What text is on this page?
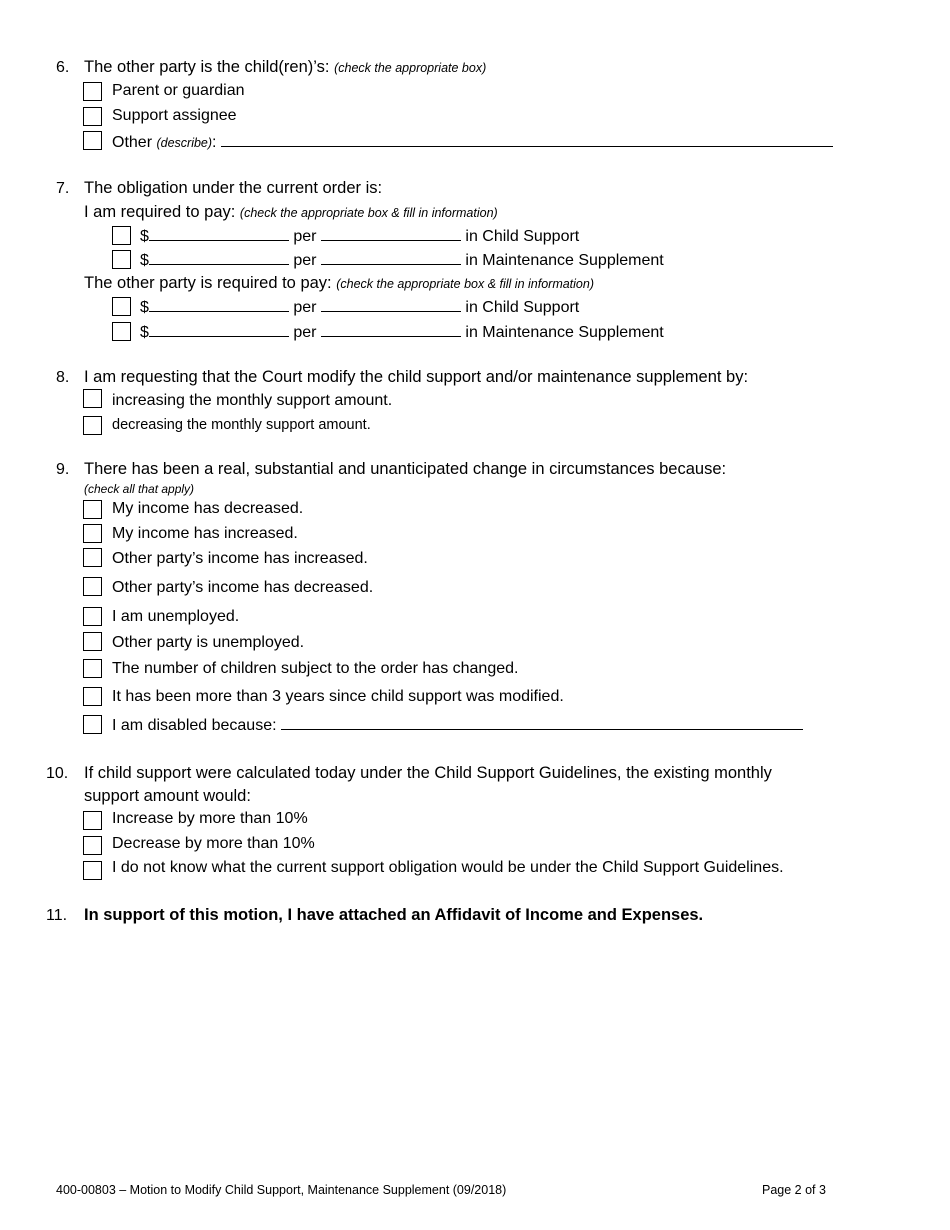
6. The other party is the child(ren)’s: (check the appropriate box)
Parent or guardian
Support assignee
Other (describe):
7. The obligation under the current order is:
I am required to pay: (check the appropriate box & fill in information)
$	per	in Child Support
$	per	in Maintenance Supplement
The other party is required to pay: (check the appropriate box & fill in information)
$	per	in Child Support
$	per	in Maintenance Supplement
8. I am requesting that the Court modify the child support and/or maintenance supplement by:
increasing the monthly support amount.
decreasing the monthly support amount.
9. There has been a real, substantial and unanticipated change in circumstances because:
(check all that apply)
My income has decreased.
My income has increased.
Other party’s income has increased.
Other party’s income has decreased.
I am unemployed.
Other party is unemployed.
The number of children subject to the order has changed.
It has been more than 3 years since child support was modified.
I am disabled because:
10. If child support were calculated today under the Child Support Guidelines, the existing monthly
support amount would:
Increase by more than 10%
Decrease by more than 10%
I do not know what the current support obligation would be under the Child Support Guidelines.
11. In support of this motion, I have attached an Affidavit of Income and Expenses.
400-00803 – Motion to Modify Child Support, Maintenance Supplement (09/2018)	Page 2 of 3
